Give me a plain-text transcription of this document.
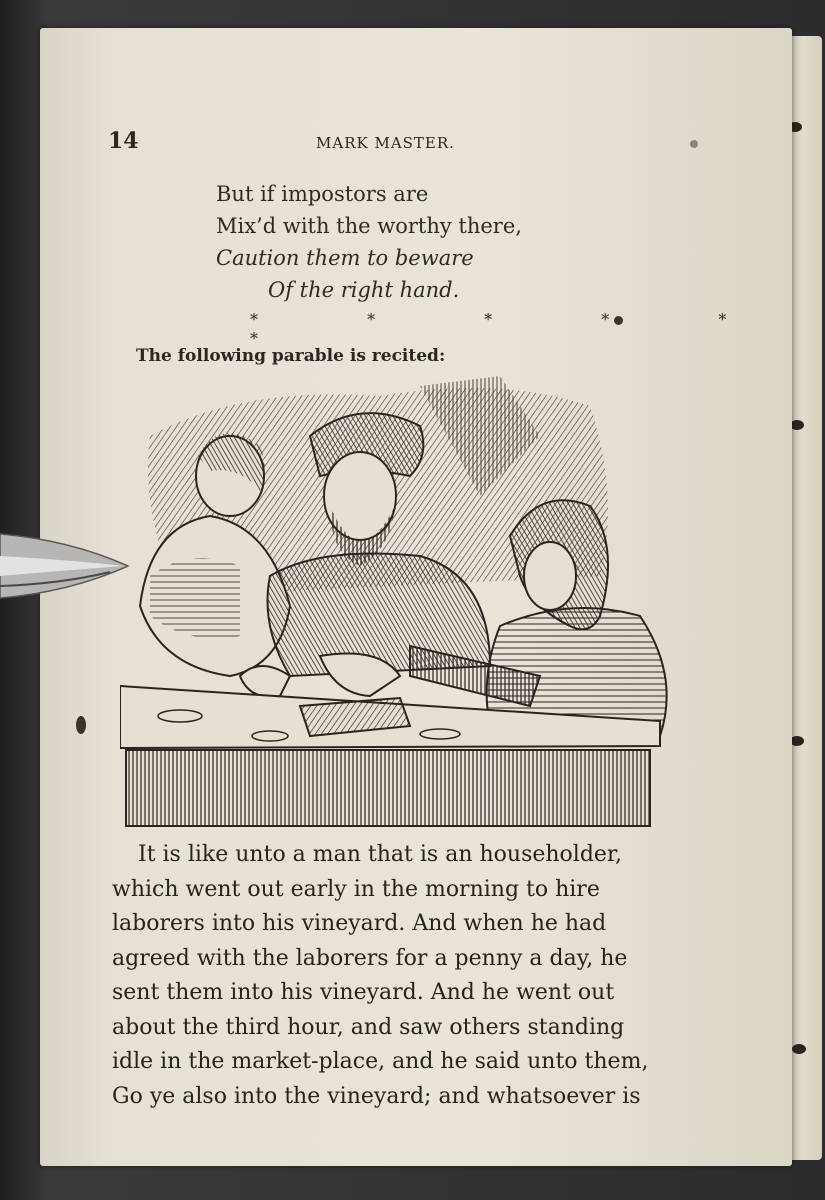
14	MARK MASTER.
But if impostors are
Mix’d with the worthy there,
Caution them to beware
Of the right hand.
* * * * * *
The following parable is recited:
It is like unto a man that is an householder,
which went out early in the morning to hire
laborers into his vineyard. And when he had
agreed with the laborers for a penny a day, he
sent them into his vineyard. And he went out
about the third hour, and saw others standing
idle in the market-place, and he said unto them,
Go ye also into the vineyard; and whatsoever is
